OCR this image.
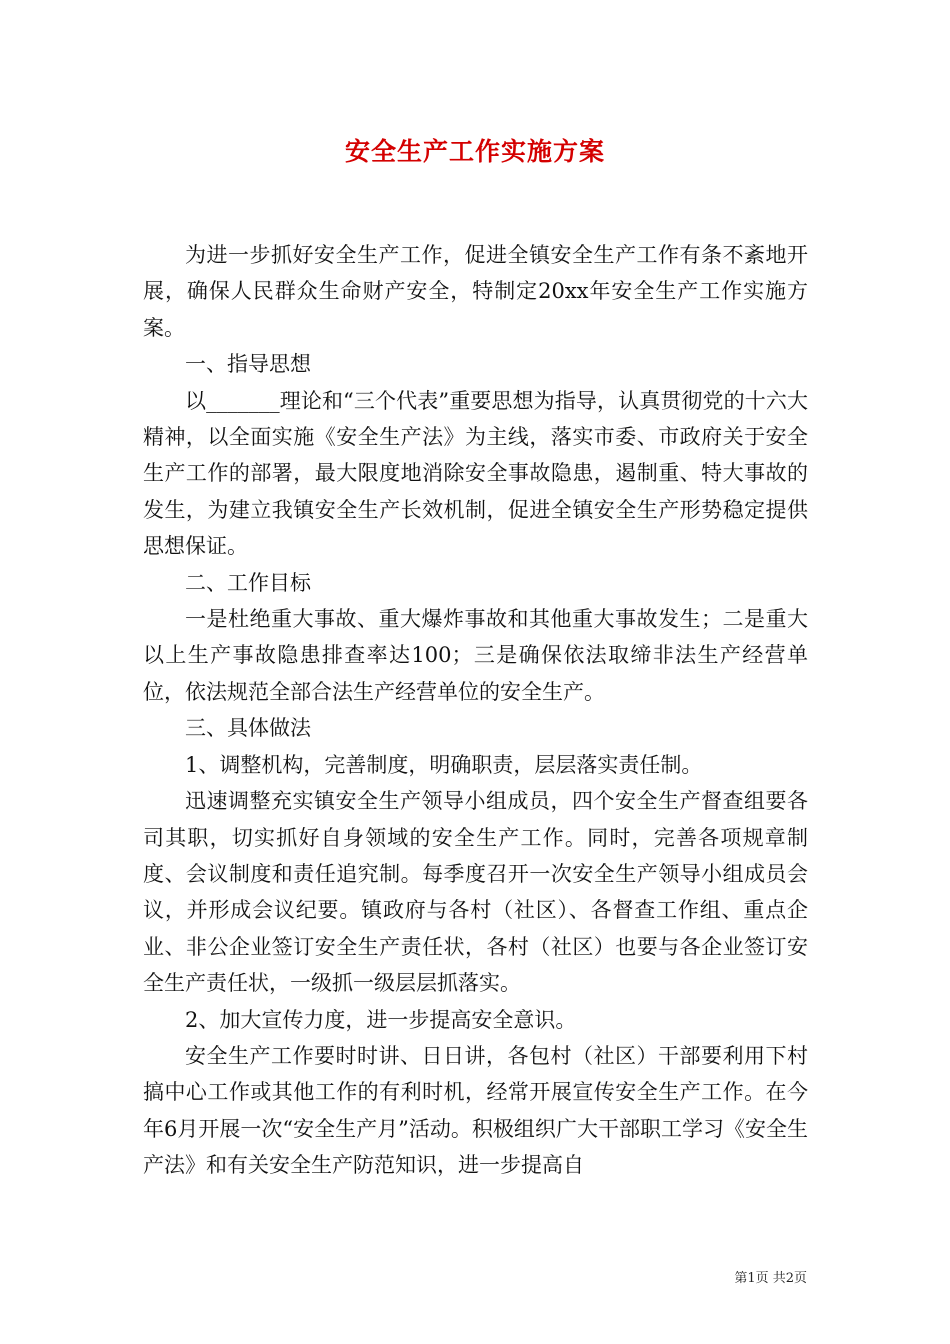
安全生产工作实施方案

为进一步抓好安全生产工作，促进全镇安全生产工作有条不紊地开展，确保人民群众生命财产安全，特制定20xx年安全生产工作实施方案。

一、指导思想

以_______理论和“三个代表”重要思想为指导，认真贯彻党的十六大精神，以全面实施《安全生产法》为主线，落实市委、市政府关于安全生产工作的部署，最大限度地消除安全事故隐患，遏制重、特大事故的发生，为建立我镇安全生产长效机制，促进全镇安全生产形势稳定提供思想保证。

二、工作目标

一是杜绝重大事故、重大爆炸事故和其他重大事故发生；二是重大以上生产事故隐患排查率达100；三是确保依法取缔非法生产经营单位，依法规范全部合法生产经营单位的安全生产。

三、具体做法

1、调整机构，完善制度，明确职责，层层落实责任制。

迅速调整充实镇安全生产领导小组成员，四个安全生产督查组要各司其职，切实抓好自身领域的安全生产工作。同时，完善各项规章制度、会议制度和责任追究制。每季度召开一次安全生产领导小组成员会议，并形成会议纪要。镇政府与各村（社区）、各督查工作组、重点企业、非公企业签订安全生产责任状，各村（社区）也要与各企业签订安全生产责任状，一级抓一级层层抓落实。

2、加大宣传力度，进一步提高安全意识。

安全生产工作要时时讲、日日讲，各包村（社区）干部要利用下村搞中心工作或其他工作的有利时机，经常开展宣传安全生产工作。在今年6月开展一次“安全生产月”活动。积极组织广大干部职工学习《安全生产法》和有关安全生产防范知识，进一步提高自

第1页 共2页
